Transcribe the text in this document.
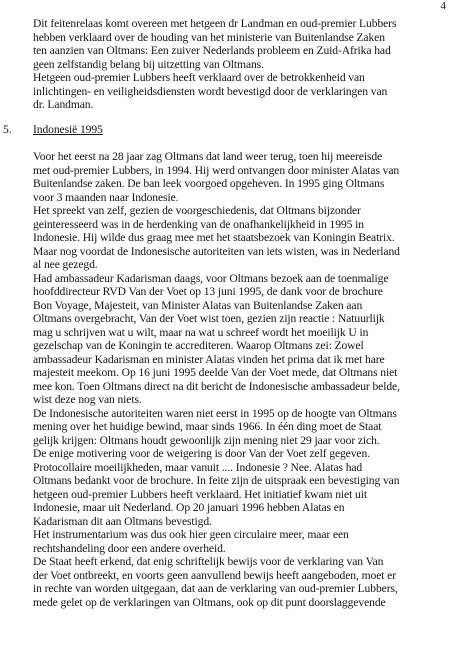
4

Dit feitenrelaas komt overeen met hetgeen dr Landman en oud-premier Lubbers

hebben verklaard over de houding van het ministerie van Buitenlandse Zaken

ten aanzien van Oltmans: Een zuiver Nederlands probleem en Zuid-Afrika had

geen zelfstandig belang bij uitzetting van Oltmans.

Hetgeen oud-premier Lubbers heeft verklaard over de betrokkenheid van

inlichtingen- en veiligheidsdiensten wordt bevestigd door de verklaringen van

dr. Landman.

5. Indonesië 1995

Voor het eerst na 28 jaar zag Oltmans dat land weer terug, toen hij meereisde

met oud-premier Lubbers, in 1994. Hij werd ontvangen door minister Alatas van

Buitenlandse zaken. De ban leek voorgoed opgeheven. In 1995 ging Oltmans

voor 3 maanden naar Indonesie.

Het spreekt van zelf, gezien de voorgeschiedenis, dat Oltmans bijzonder

geinteresseerd was in de herdenking van de onafhankelijkheid in 1995 in

Indonesie. Hij wilde dus graag mee met het staatsbezoek van Koningin Beatrix.

Maar nog voordat de Indonesische autoriteiten van iets wisten, was in Nederland

al nee gezegd.

Had ambassadeur Kadarisman daags, voor Oltmans bezoek aan de toenmalige

hoofddirecteur RVD Van der Voet op 13 juni 1995, de dank voor de brochure

Bon Voyage, Majesteit, van Minister Alatas van Buitenlandse Zaken aan

Oltmans overgebracht, Van der Voet wist toen, gezien zijn reactie : Natuurlijk

mag u schrijven wat u wilt, maar na wat u schreef wordt het moeilijk U in

gezelschap van de Koningin te accrediteren. Waarop Oltmans zei: Zowel

ambassadeur Kadarisman en minister Alatas vinden het prima dat ik met hare

majesteit meekom. Op 16 juni 1995 deelde Van der Voet mede, dat Oltmans niet

mee kon. Toen Oltmans direct na dit bericht de Indonesische ambassadeur belde,

wist deze nog van niets.

De Indonesische autoriteiten waren niet eerst in 1995 op de hoogte van Oltmans

mening over het huidige bewind, maar sinds 1966. In één ding moet de Staat

gelijk krijgen: Oltmans houdt gewoonlijk zijn mening niet 29 jaar voor zich.

De enige motivering voor de weigering is door Van der Voet zelf gegeven.

Protocollaire moeilijkheden, maar vanuit .... Indonesie ? Nee. Alatas had

Oltmans bedankt voor de brochure. In feite zijn de uitspraak een bevestiging van

hetgeen oud-premier Lubbers heeft verklaard. Het initiatief kwam niet uit

Indonesie, maar uit Nederland. Op 20 januari 1996 hebben Alatas en

Kadarisman dit aan Oltmans bevestigd.

Het instrumentarium was dus ook hier geen circulaire meer, maar een

rechtshandeling door een andere overheid.

De Staat heeft erkend, dat enig schriftelijk bewijs voor de verklaring van Van

der Voet ontbreekt, en voorts geen aanvullend bewijs heeft aangeboden, moet er

in rechte van worden uitgegaan, dat aan de verklaring van oud-premier Lubbers,

mede gelet op de verklaringen van Oltmans, ook op dit punt doorslaggevende
